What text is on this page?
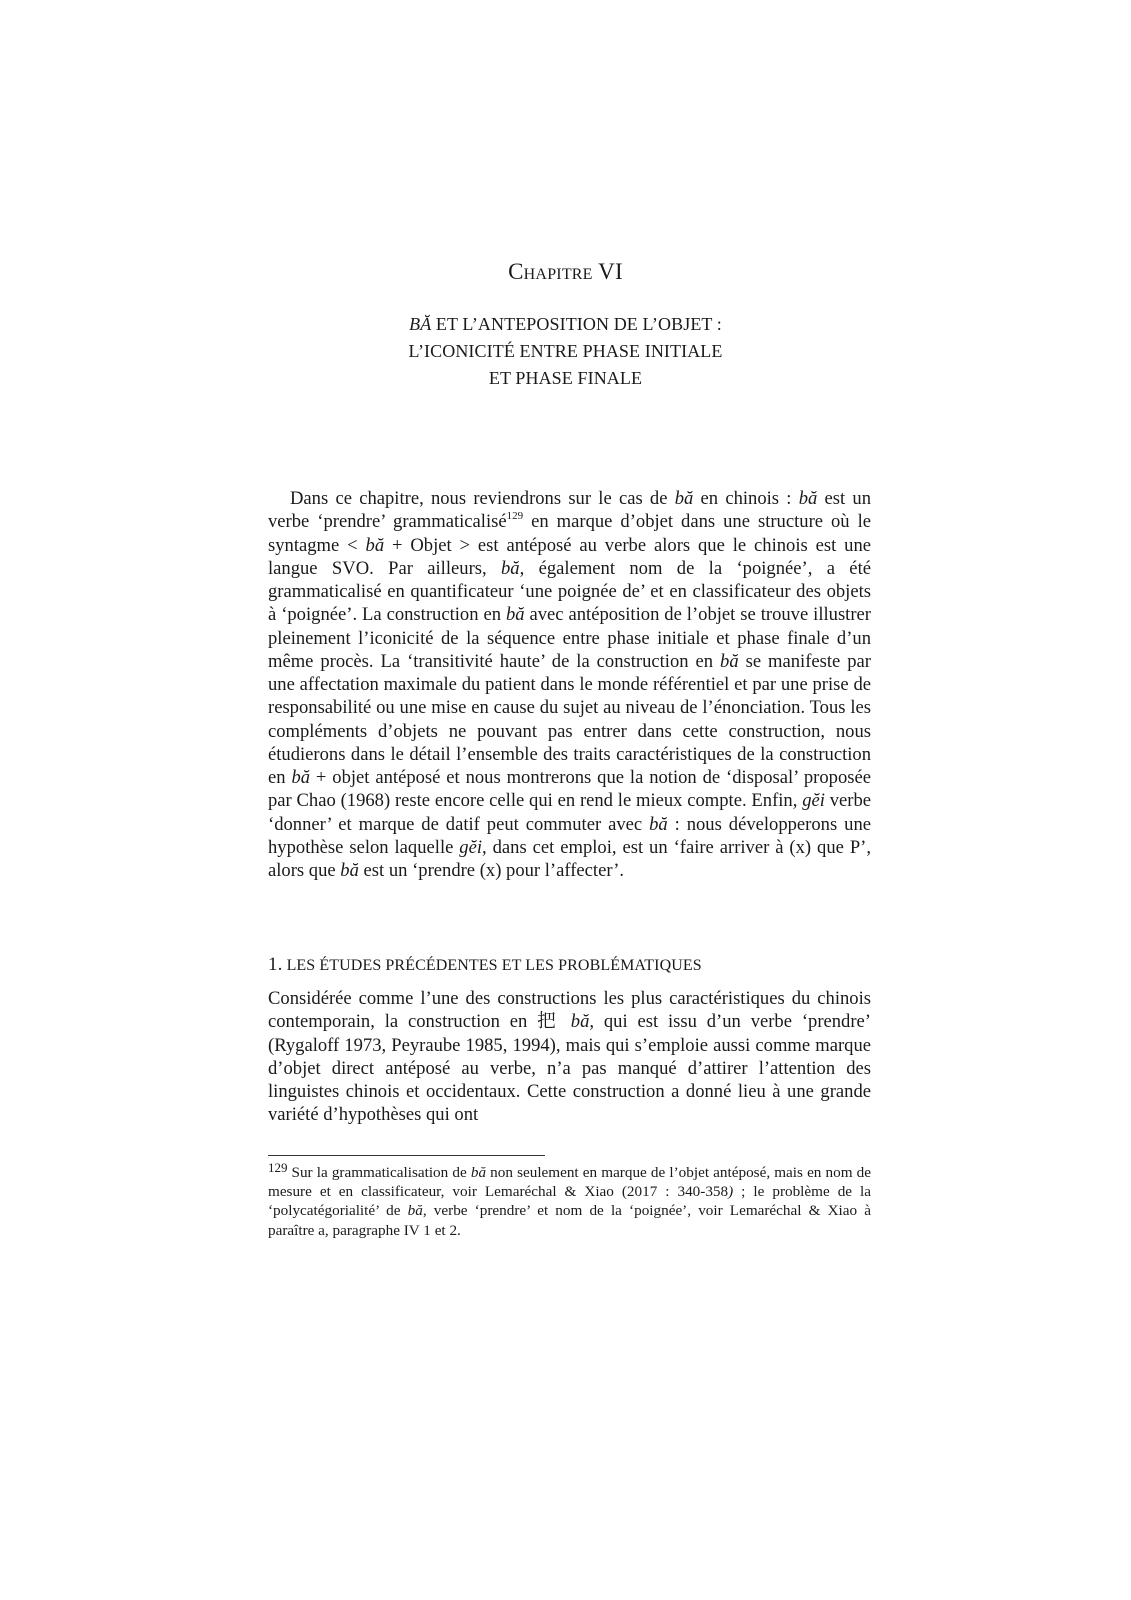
Chapitre VI
BĂ ET L’ANTEPOSITION DE L’OBJET :
L’ICONICITÉ ENTRE PHASE INITIALE
ET PHASE FINALE

Dans ce chapitre, nous reviendrons sur le cas de bă en chinois : bă est un verbe ‘prendre’ grammaticalisé$^{129}$ en marque d’objet dans une structure où le syntagme < bă + Objet > est antéposé au verbe alors que le chinois est une langue SVO. Par ailleurs, bă, également nom de la ‘poignée’, a été grammaticalisé en quantificateur ‘une poignée de’ et en classificateur des objets à ‘poignée’. La construction en bă avec antéposition de l’objet se trouve illustrer pleinement l’iconicité de la séquence entre phase initiale et phase finale d’un même procès. La ‘transitivité haute’ de la construction en bă se manifeste par une affectation maximale du patient dans le monde référentiel et par une prise de responsabilité ou une mise en cause du sujet au niveau de l’énonciation. Tous les compléments d’objets ne pouvant pas entrer dans cette construction, nous étudierons dans le détail l’ensemble des traits caractéristiques de la construction en bă + objet antéposé et nous montrerons que la notion de ‘disposal’ proposée par Chao (1968) reste encore celle qui en rend le mieux compte. Enfin, gĕi verbe ‘donner’ et marque de datif peut commuter avec bă : nous développerons une hypothèse selon laquelle gĕi, dans cet emploi, est un ‘faire arriver à (x) que P’, alors que bă est un ‘prendre (x) pour l’affecter’.

1. LES ÉTUDES PRÉCÉDENTES ET LES PROBLÉMATIQUES

Considérée comme l’une des constructions les plus caractéristiques du chinois contemporain, la construction en 把 bă, qui est issu d’un verbe ‘prendre’ (Rygaloff 1973, Peyraube 1985, 1994), mais qui s’emploie aussi comme marque d’objet direct antéposé au verbe, n’a pas manqué d’attirer l’attention des linguistes chinois et occidentaux. Cette construction a donné lieu à une grande variété d’hypothèses qui ont

129 Sur la grammaticalisation de bă non seulement en marque de l’objet antéposé, mais en nom de mesure et en classificateur, voir Lemaréchal & Xiao (2017 : 340-358) ; le problème de la ‘polycatégorialité’ de bă, verbe ‘prendre’ et nom de la ‘poignée’, voir Lemaréchal & Xiao à paraître a, paragraphe IV 1 et 2.
